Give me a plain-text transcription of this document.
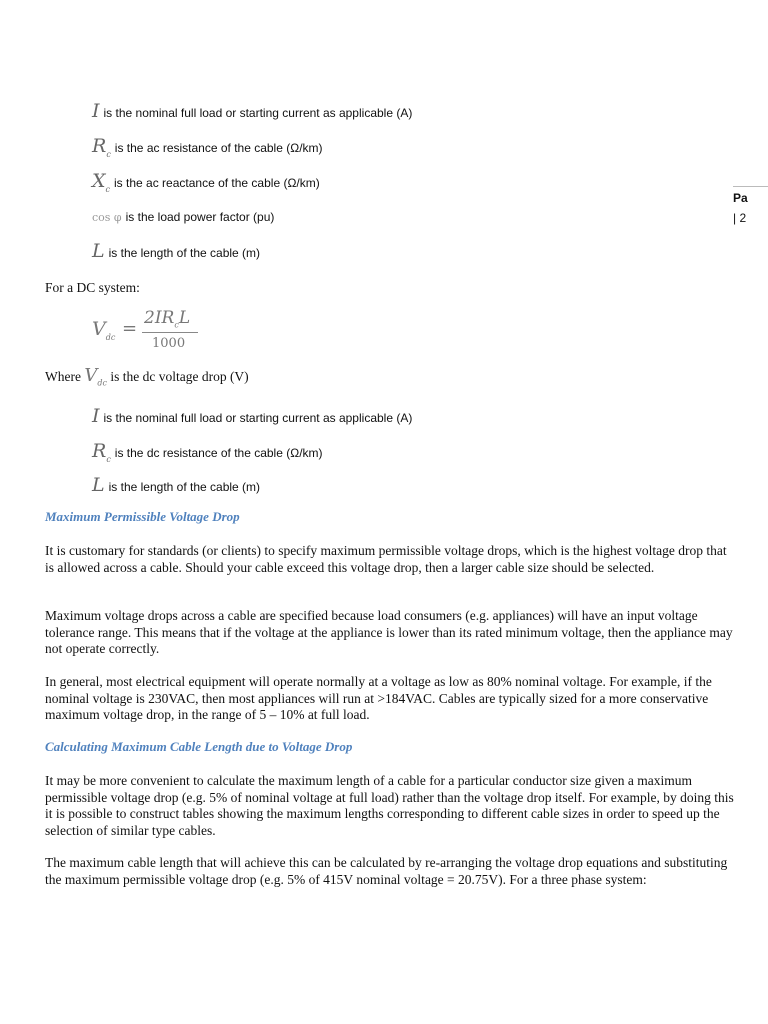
I is the nominal full load or starting current as applicable (A)
$R_c$ is the ac resistance of the cable (Ω/km)
$X_c$ is the ac reactance of the cable (Ω/km)
cos φ is the load power factor (pu)
L is the length of the cable (m)
For a DC system:
$V_{dc} = 2IR_cL$
1000
Where $V_{dc}$ is the dc voltage drop (V)
I is the nominal full load or starting current as applicable (A)
$R_c$ is the dc resistance of the cable (Ω/km)
L is the length of the cable (m)
Maximum Permissible Voltage Drop
It is customary for standards (or clients) to specify maximum permissible voltage drops, which is the highest voltage drop that is allowed across a cable. Should your cable exceed this voltage drop, then a larger cable size should be selected.
Maximum voltage drops across a cable are specified because load consumers (e.g. appliances) will have an input voltage tolerance range. This means that if the voltage at the appliance is lower than its rated minimum voltage, then the appliance may not operate correctly.
In general, most electrical equipment will operate normally at a voltage as low as 80% nominal voltage. For example, if the nominal voltage is 230VAC, then most appliances will run at >184VAC. Cables are typically sized for a more conservative maximum voltage drop, in the range of 5 – 10% at full load.
Calculating Maximum Cable Length due to Voltage Drop
It may be more convenient to calculate the maximum length of a cable for a particular conductor size given a maximum permissible voltage drop (e.g. 5% of nominal voltage at full load) rather than the voltage drop itself. For example, by doing this it is possible to construct tables showing the maximum lengths corresponding to different cable sizes in order to speed up the selection of similar type cables.
The maximum cable length that will achieve this can be calculated by re-arranging the voltage drop equations and substituting the maximum permissible voltage drop (e.g. 5% of 415V nominal voltage = 20.75V). For a three phase system:
Pa
| 2
